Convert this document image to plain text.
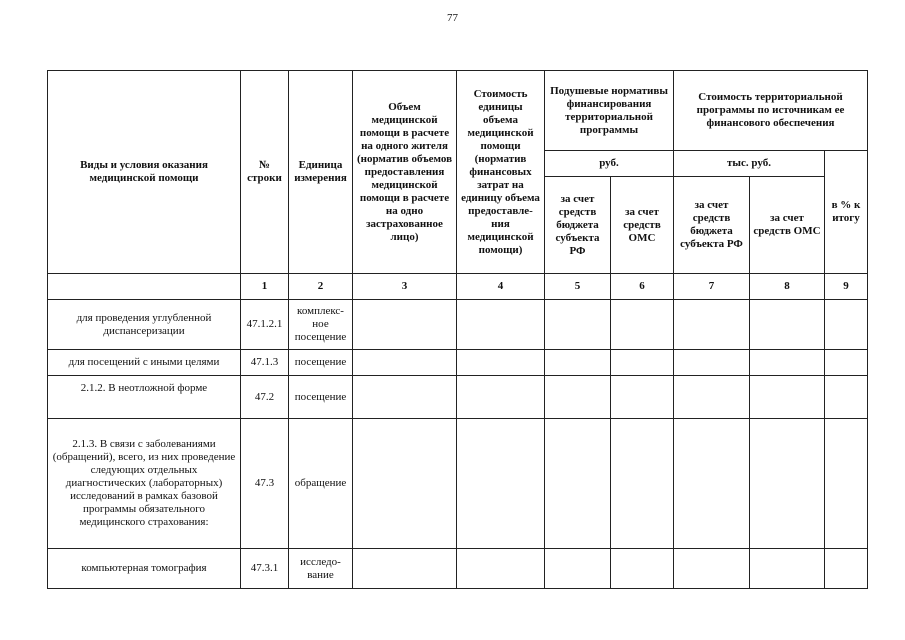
77
Виды и условия оказания медицинской помощи	№ строки	Единица измерения	Объем медицинской помощи в расчете на одного жителя (норматив объемов предоставления медицинской помощи в расчете на одно застрахованное лицо)	Стоимость единицы объема медицинской помощи (норматив финансовых затрат на единицу объема предоставле-ния медицинской помощи)	Подушевые нормативы финансирования территориальной программы		Стоимость территориальной программы по источникам ее финансового обеспечения		
					руб.		тыс. руб.		в % к итогу
					за счет средств бюджета субъекта РФ	за счет средств ОМС	за счет средств бюджета субъекта РФ	за счет средств ОМС	
	1	2	3	4	5	6	7	8	9
для проведения углубленной диспансеризации	47.1.2.1	комплекс-ное посещение							
для посещений с иными целями	47.1.3	посещение							
2.1.2. В неотложной форме	47.2	посещение							
2.1.3. В связи с заболеваниями (обращений), всего, из них проведение следующих отдельных диагностических (лабораторных) исследований в рамках базовой программы обязательного медицинского страхования:	47.3	обращение							
компьютерная томография	47.3.1	исследо-вание							
